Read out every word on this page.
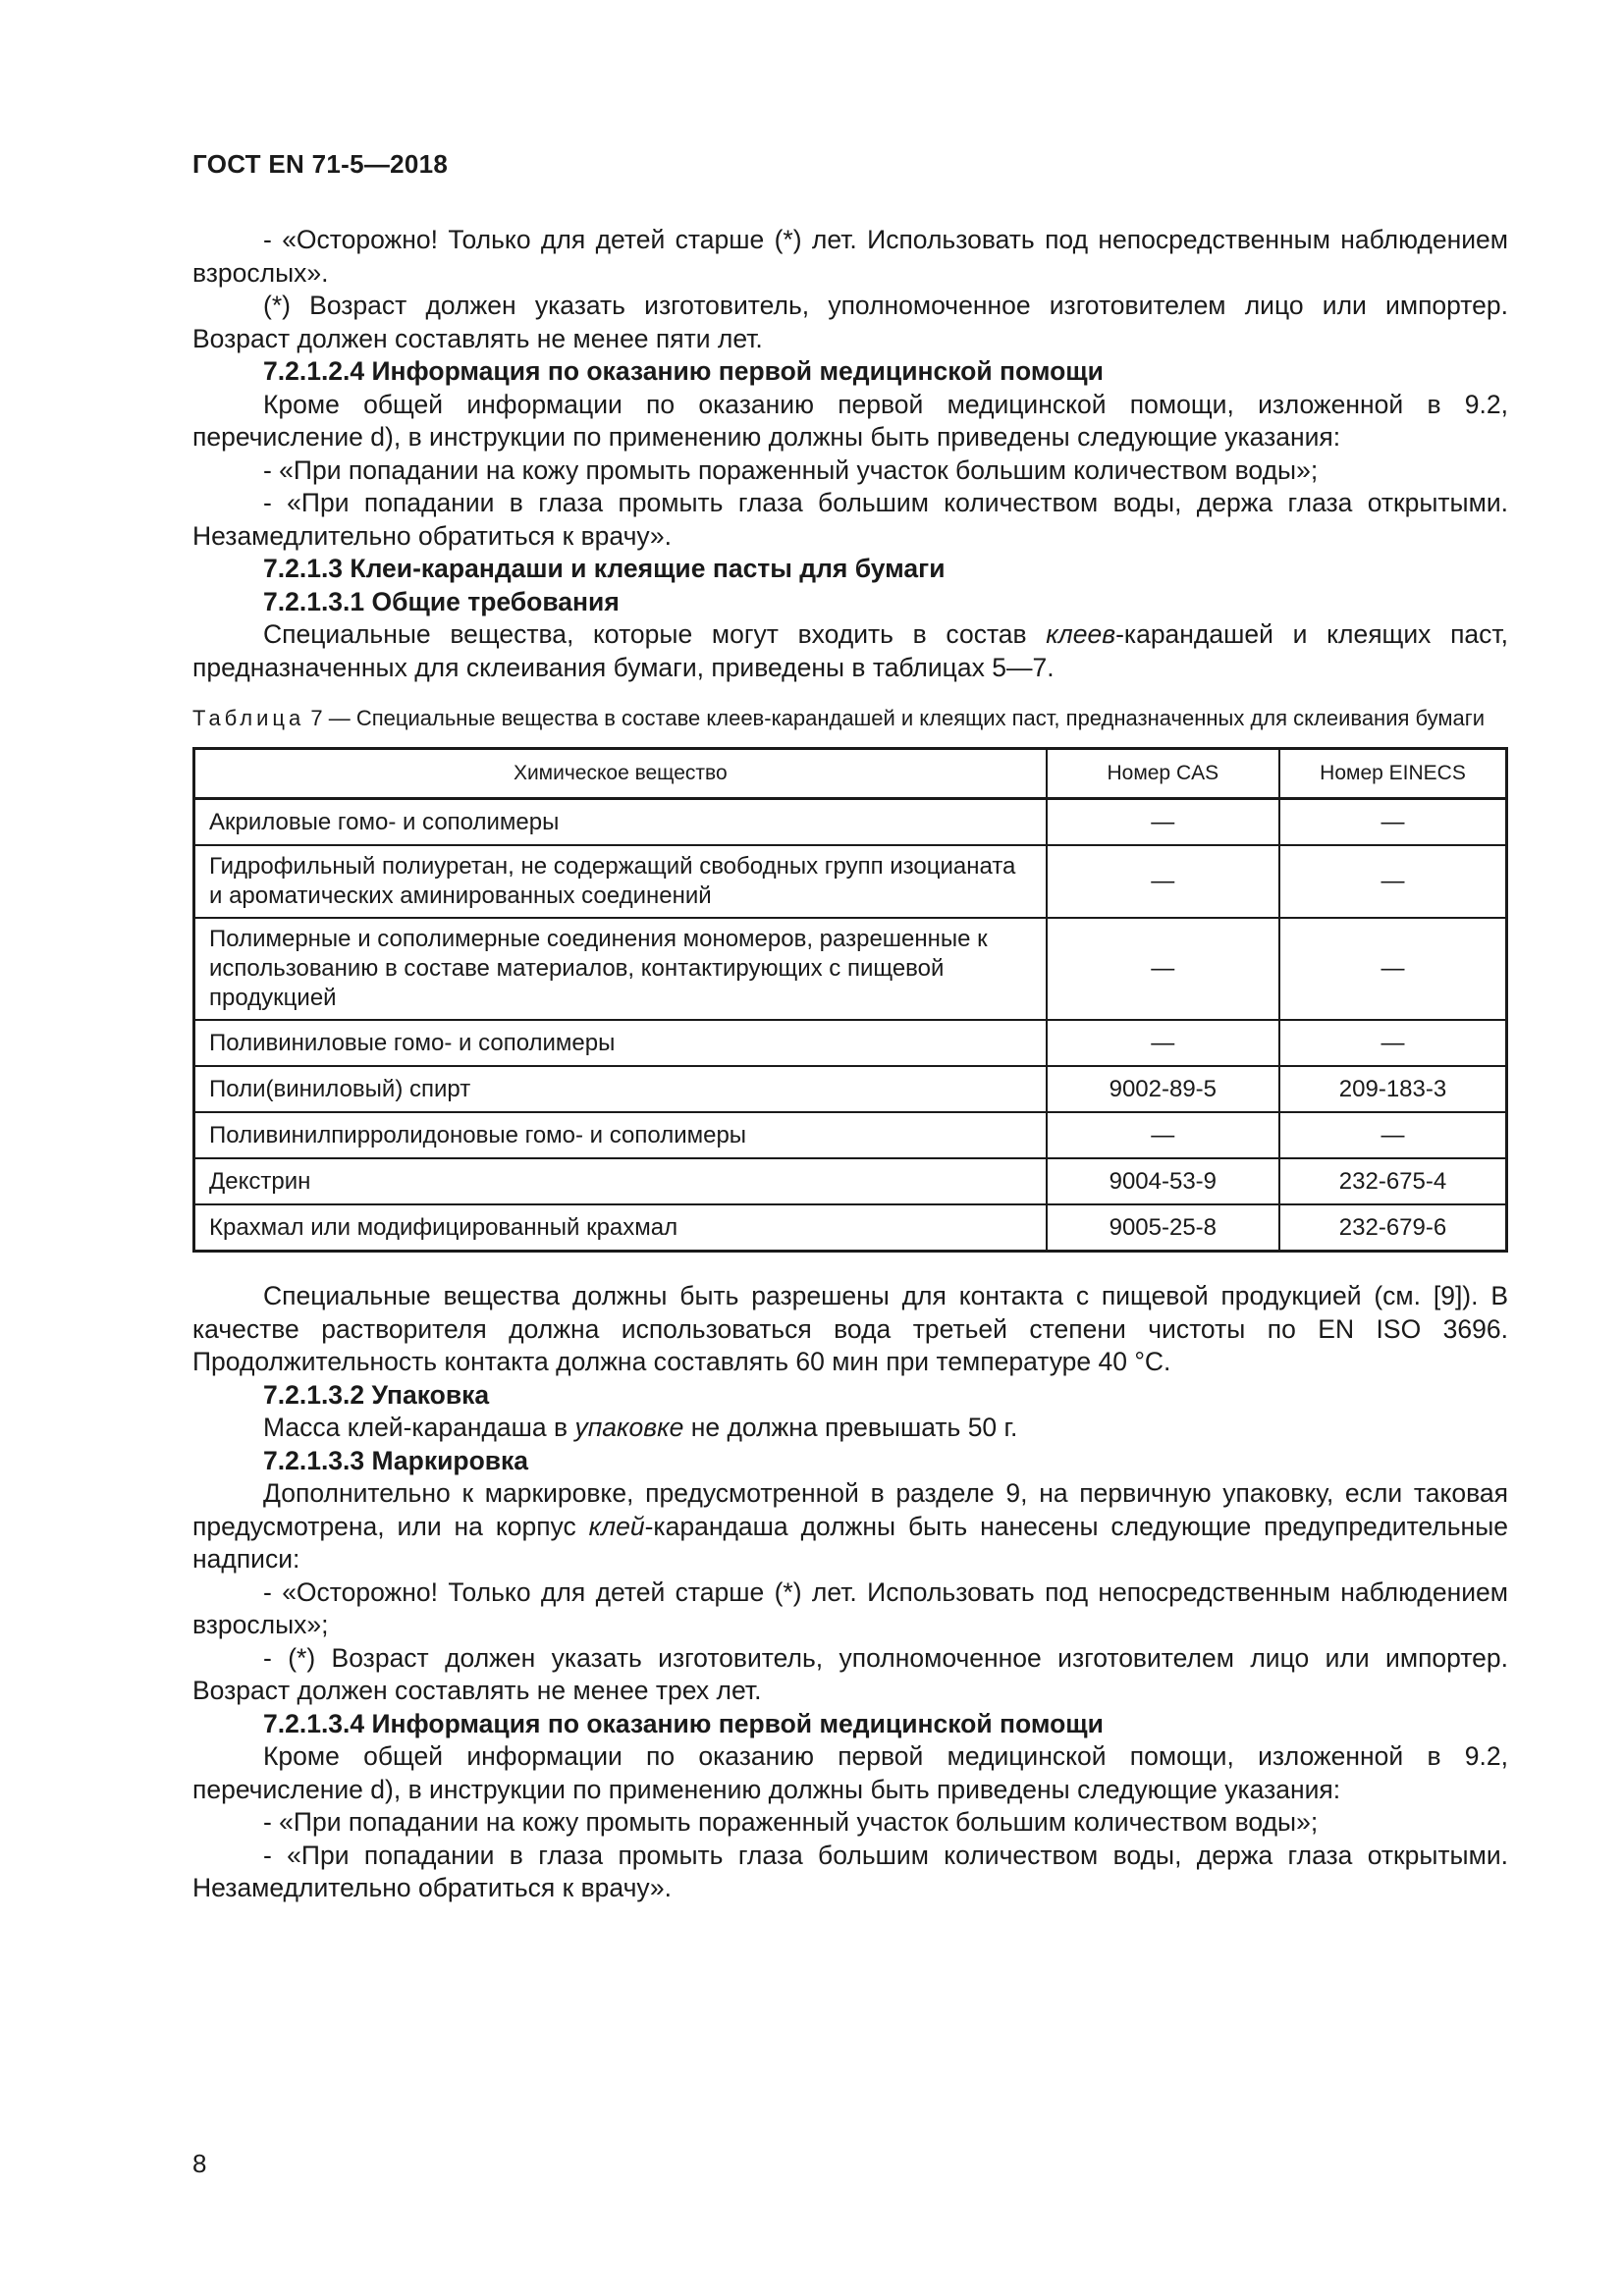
ГОСТ EN 71-5—2018

- «Осторожно! Только для детей старше (*) лет. Использовать под непосредственным наблюдением взрослых».

(*) Возраст должен указать изготовитель, уполномоченное изготовителем лицо или импортер. Возраст должен составлять не менее пяти лет.

7.2.1.2.4 Информация по оказанию первой медицинской помощи

Кроме общей информации по оказанию первой медицинской помощи, изложенной в 9.2, перечисление d), в инструкции по применению должны быть приведены следующие указания:

- «При попадании на кожу промыть пораженный участок большим количеством воды»;

- «При попадании в глаза промыть глаза большим количеством воды, держа глаза открытыми. Незамедлительно обратиться к врачу».

7.2.1.3 Клеи-карандаши и клеящие пасты для бумаги

7.2.1.3.1 Общие требования

Специальные вещества, которые могут входить в состав клеев-карандашей и клеящих паст, предназначенных для склеивания бумаги, приведены в таблицах 5—7.

Таблица 7 — Специальные вещества в составе клеев-карандашей и клеящих паст, предназначенных для склеивания бумаги

Химическое вещество	Номер CAS	Номер EINECS
Акриловые гомо- и сополимеры	—	—
Гидрофильный полиуретан, не содержащий свободных групп изоцианата и ароматических аминированных соединений	—	—
Полимерные и сополимерные соединения мономеров, разрешенные к использованию в составе материалов, контактирующих с пищевой продукцией	—	—
Поливиниловые гомо- и сополимеры	—	—
Поли(виниловый) спирт	9002-89-5	209-183-3
Поливинилпирролидоновые гомо- и сополимеры	—	—
Декстрин	9004-53-9	232-675-4
Крахмал или модифицированный крахмал	9005-25-8	232-679-6

Специальные вещества должны быть разрешены для контакта с пищевой продукцией (см. [9]). В качестве растворителя должна использоваться вода третьей степени чистоты по EN ISO 3696. Продолжительность контакта должна составлять 60 мин при температуре 40 °С.

7.2.1.3.2 Упаковка

Масса клей-карандаша в упаковке не должна превышать 50 г.

7.2.1.3.3 Маркировка

Дополнительно к маркировке, предусмотренной в разделе 9, на первичную упаковку, если таковая предусмотрена, или на корпус клей-карандаша должны быть нанесены следующие предупредительные надписи:

- «Осторожно! Только для детей старше (*) лет. Использовать под непосредственным наблюдением взрослых»;

- (*) Возраст должен указать изготовитель, уполномоченное изготовителем лицо или импортер. Возраст должен составлять не менее трех лет.

7.2.1.3.4 Информация по оказанию первой медицинской помощи

Кроме общей информации по оказанию первой медицинской помощи, изложенной в 9.2, перечисление d), в инструкции по применению должны быть приведены следующие указания:

- «При попадании на кожу промыть пораженный участок большим количеством воды»;

- «При попадании в глаза промыть глаза большим количеством воды, держа глаза открытыми. Незамедлительно обратиться к врачу».

8
